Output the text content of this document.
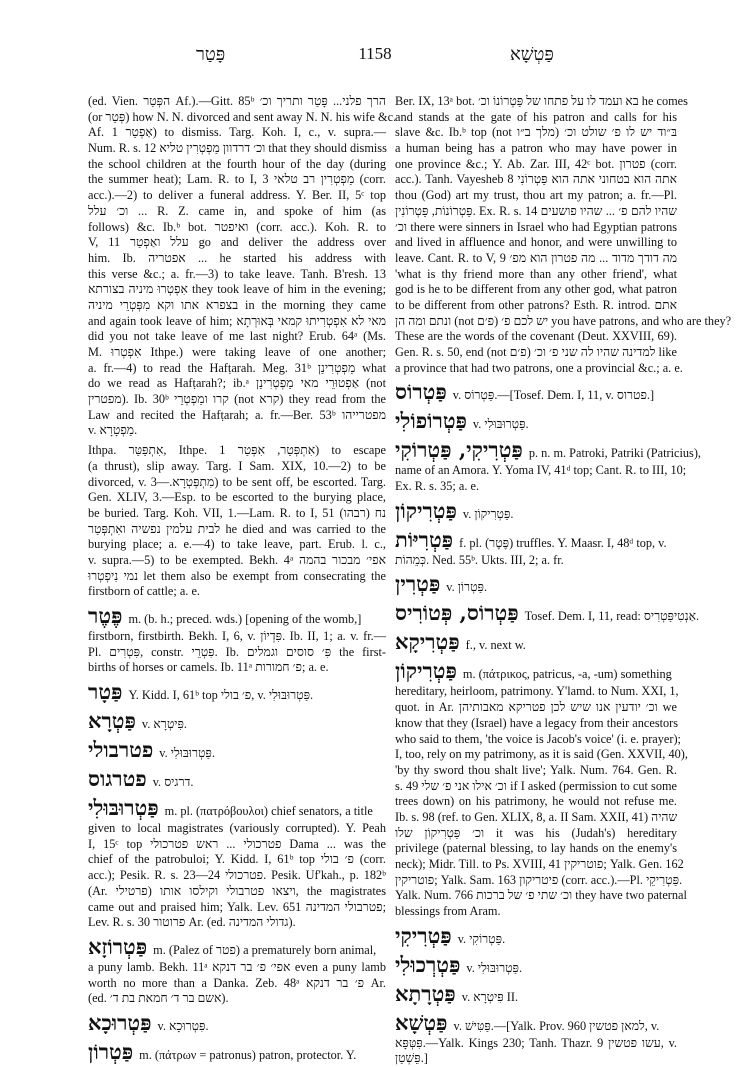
פָּטַר	1158	פַּטְשָׁא
(ed. Vien. הפְּטַר Af.).—Gitt. 85ᵇ הרך פלני... פָּטַר ותריך וכ׳
(or פְּטַר) how N. N. divorced and sent away N. N. his wife &c.
Af. אַפְטַר 1) to dismiss. Targ. Koh. I, c., v. supra.—
Num. R. s. 12 וכ׳ דרדוון מַפְטְרִין טליא that they should dismiss
the school children at the fourth hour of the day (during
the summer heat); Lam. R. to I, 3 מַפְטְרִין רב טלאי (corr.
acc.).—2) to deliver a funeral address. Y. Ber. II, 5ᶜ top
וכ׳ עלל ... R. Z. came in, and spoke of him (as
follows) &c. Ib.ᵇ bot. ואיפטר (corr. acc.). Koh. R. to
V, 11 עלל ואַפְטַר go and deliver the address over
him. Ib. אפטריה ... he started his address with
this verse &c.; a. fr.—3) to take leave. Tanh. B'resh. 13
אִפְטְרוּ מיניה בצורתא they took leave of him in the evening;
בצפרא אתו וקא מִפְּטְרֵי מיניה in the morning they came
and again took leave of him; מאי לא אִפְטְרִיתוּ קמאי בְּאוּרְתָא
did you not take leave of me last night? Erub. 64ᵃ (Ms.
M. אִפְטְרוּ Ithpe.) were taking leave of one another;
a. fr.—4) to read the Hafṭarah. Meg. 31ᵇ מַפְטְרִינַן what
do we read as Hafṭarah?; ib.ᵃ אַפְטוּרֵי מאי מַפְטְרִינַן (not
מפטרין). Ib. 30ᵇ קרו ומַפְטְרֵי (not קרא) they read from the
Law and recited the Hafṭarah; a. fr.—Ber. 53ᵇ מפטרייהו
v. מַפְטָרָא.
Ithpa. אִתְפַּטַּר, Ithpe. אִתְפְּטַר, אִפְּטַר 1) to escape
(a thrust), slip away. Targ. I Sam. XIX, 10.—2) to be
divorced, v. מִתְפְּטְרָא.—3) to be sent off, be escorted. Targ.
Gen. XLIV, 3.—Esp. to be escorted to the burying place,
be buried. Targ. Koh. VII, 1.—Lam. R. to I, 51 נח (רבהו)
לבית עלמין נפשיה ואִתְפְּטַר he died and was carried to the
burying place; a. e.—4) to take leave, part. Erub. l. c.,
v. supra.—5) to be exempted. Bekh. 4ᵃ אפי׳ מבכור בהמה
נמי נִיפְטְרוּ let them also be exempt from consecrating the
firstborn of cattle; a. e.
פֶּטֶר m. (b. h.; preced. wds.) [opening of the womb,]
firstborn, firstbirth. Bekh. I, 6, v. פִּדְיוֹן. Ib. II, 1; a. v. fr.—
Pl. פִּטְרִים, constr. פִּטְרֵי. Ib. פִּ׳ סוסים וגמלים the first-
births of horses or camels. Ib. 11ᵃ פ׳ חמורות; a. e.
פַּטָר Y. Kidd. I, 61ᵇ top פ׳ בולי, v. פַּטְרוּבּוּלִי.
פַּטְרָא v. פִּיטְרָא.
פטרבולי v. פַּטְרוּבּוּלִי.
פטרגוס v. דרגיס.
פַּטְרוּבּוּלִי m. pl. (πατρόβουλοι) chief senators, a title
given to local magistrates (variously corrupted). Y. Peah
I, 15ᶜ top פטרכולי ... ראש פטרכולי Dama ... was the
chief of the patrobuloi; Y. Kidd. I, 61ᵇ top פ׳ בולי (corr.
acc.); Pesik. R. s. 23—24 פטרכולי. Pesik. Uf'kah., p. 182ᵇ
(Ar. פרטילי) ויצאו פטרבולי וקילסו אותו, the magistrates
came out and praised him; Yalk. Lev. 651 פטרבולי המדינה;
Lev. R. s. 30 פרוטור Ar. (ed. גדולי המדינה).
פַּטְרוֹזָא m. (Palez of פטר) a prematurely born animal,
a puny lamb. Bekh. 11ᵃ אפי׳ פ׳ בר דנקא even a puny lamb
worth no more than a Danka. Zeb. 48ᵃ פ׳ בר דנקא Ar.
(ed. אשם בר ד׳ חמאת בת ד׳).
פַּטְרוּכָא v. פִּטְרוּכָא.
פַּטְרוֹן m. (πάτρων = patronus) patron, protector. Y.
Ber. IX, 13ᵃ bot. בא ועמד לו על פתחו של פַּטְרוֹנוֹ וכ׳ he comes
and stands at the gate of his patron and calls for his
slave &c. Ib.ᵇ top (not מלך ב״ו) בּ״וד יש לו פ׳ שולט וכ׳
a human being has a patron who may have power in
one province &c.; Y. Ab. Zar. III, 42ᶜ bot. פטרון (corr.
acc.). Tanh. Vayesheb 8 אתה הוא בטחוני אתה הוא פַּטְרוֹנִי
thou (God) art my trust, thou art my patron; a. fr.—Pl.
פַּטְרוֹנוֹת, פַּטְרוֹנִין. Ex. R. s. 14 שהיו להם פ׳ ... שהיו פושעים
וכ׳ there were sinners in Israel who had Egyptian patrons
and lived in affluence and honor, and were unwilling to
leave. Cant. R. to V, 9 מה דודך מדוד ... מה פטרון הוא מפ׳
'what is thy friend more than any other friend', what
god is he to be different from any other god, what patron
to be different from other patrons? Esth. R. introd. אתם
ונתם ומה הן (not פ׳ם) יש לכם פ׳ you have patrons, and who are they?
These are the words of the covenant (Deut. XXVIII, 69).
Gen. R. s. 50, end (not פ׳ם) למדינה שהיו לה שני פ׳ וכ׳ like
a province that had two patrons, one a provincial &c.; a. e.
פַּטְרוֹס v. פַּטְרוֹס.—[Tosef. Dem. I, 11, v. פטרוס.]
פַּטְרוֹפוֹלִי v. פַּטְרוּבּוּלִי.
פַּטְרִיקִי, פַּטְרוֹקִי p. n. m. Patroki, Patriki (Patricius),
name of an Amora. Y. Yoma IV, 41ᵈ top; Cant. R. to III, 10;
Ex. R. s. 35; a. e.
פַּטְרִיקוֹן v. פַּטְרִיקוֹן.
פַּטְרִיּוֹת f. pl. (פֶּטֶר) truffles. Y. Maasr. I, 48ᵈ top, v.
כְּמֵהוֹת. Ned. 55ᵇ. Ukts. III, 2; a. fr.
פַּטְרִין v. פַּטְרוֹן.
פַּטְרוֹס, פְּטוֹרִיס Tosef. Dem. I, 11, read: אַנְטִיפַּטְרִיס.
פַּטְרִיקָא f., v. next w.
פַּטְרִיקוֹן m. (πάτρικος, patricus, -a, -um) something
hereditary, heirloom, patrimony. Y'lamd. to Num. XXI, 1,
quot. in Ar. וכ׳ יודעין אנו שיש לכן פטריקא מאבותיהן we
know that they (Israel) have a legacy from their ancestors
who said to them, 'the voice is Jacob's voice' (i. e. prayer);
I, too, rely on my patrimony, as it is said (Gen. XXVII, 40),
'by thy sword thou shalt live'; Yalk. Num. 764. Gen. R.
s. 49 וכ׳ אילו אני פ׳ שלי if I asked (permission to cut some
trees down) on his patrimony, he would not refuse me.
Ib. s. 98 (ref. to Gen. XLIX, 8, a. II Sam. XXII, 41) שהיה
וכ׳ פַּטְרִיקוֹן שלו it was his (Judah's) hereditary
privilege (paternal blessing, to lay hands on the enemy's
neck); Midr. Till. to Ps. XVIII, 41 פוטריקין; Yalk. Gen. 162
פוטריקין; Yalk. Sam. 163 פיטריקון (corr. acc.).—Pl. פַּטְרִיקֵי.
Yalk. Num. 766 וכ׳ שתי פ׳ של ברכות they have two paternal
blessings from Aram.
פַּטְרִיקִי v. פַּטְרוֹקִי.
פַּטְרְכוּלִי v. פַּטְרוּבּוּלִי.
פַּטְרָתָא v. פִּיטְרָא II.
פַּטְשָׁא v. פַּטִּישׁ.—[Yalk. Prov. 960 למאן פטשין, v.
פִּטְּפָּא.—Yalk. Kings 230; Tanh. Thazr. 9 עשו פטשין, v.
פֵּשְׁטַן.]
